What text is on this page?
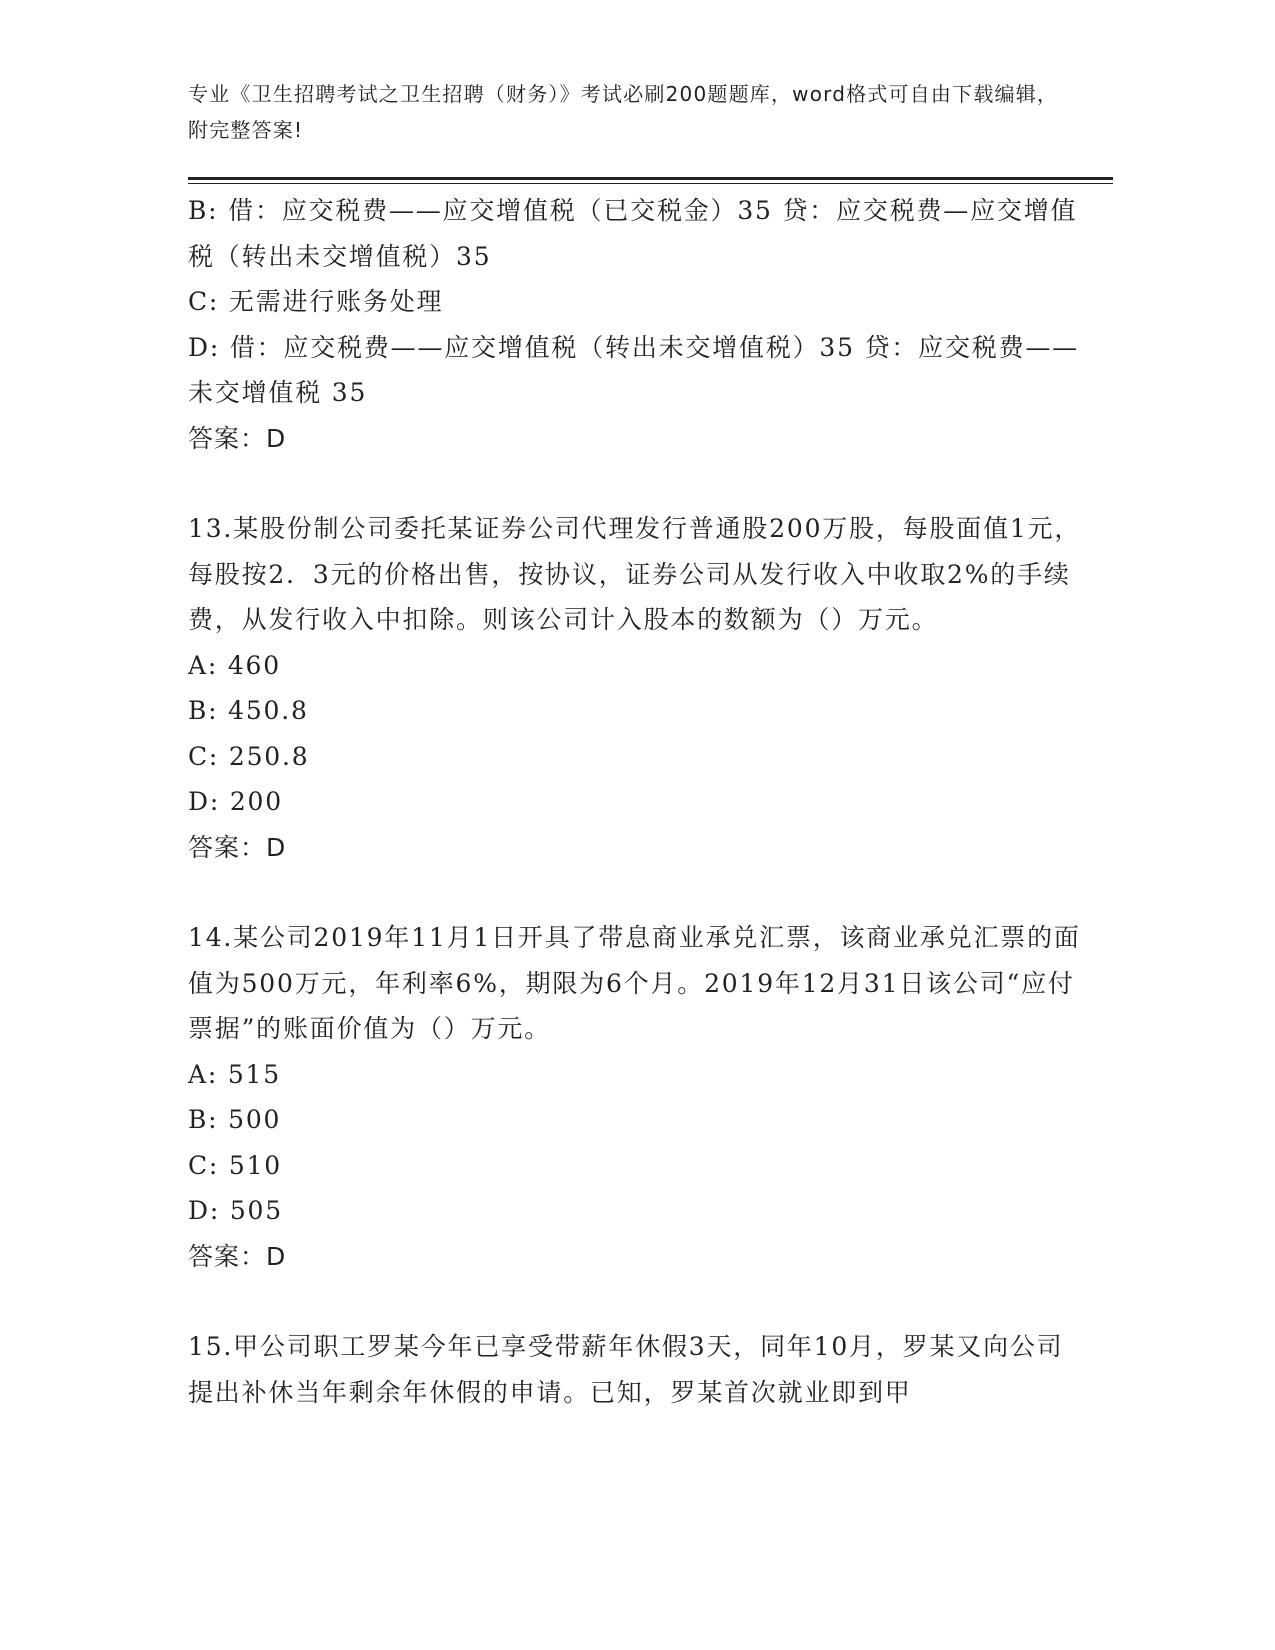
专业《卫生招聘考试之卫生招聘（财务）》考试必刷200题题库，word格式可自由下载编辑，附完整答案!
B: 借：应交税费——应交增值税（已交税金）35 贷：应交税费—应交增值税（转出未交增值税）35
C: 无需进行账务处理
D: 借：应交税费——应交增值税（转出未交增值税）35 贷：应交税费——未交增值税 35
答案：D
13.某股份制公司委托某证券公司代理发行普通股200万股，每股面值1元，每股按2．3元的价格出售，按协议，证券公司从发行收入中收取2%的手续费，从发行收入中扣除。则该公司计入股本的数额为（）万元。
A: 460
B: 450.8
C: 250.8
D: 200
答案：D
14.某公司2019年11月1日开具了带息商业承兑汇票，该商业承兑汇票的面值为500万元，年利率6%，期限为6个月。2019年12月31日该公司“应付票据”的账面价值为（）万元。
A: 515
B: 500
C: 510
D: 505
答案：D
15.甲公司职工罗某今年已享受带薪年休假3天，同年10月，罗某又向公司提出补休当年剩余年休假的申请。已知，罗某首次就业即到甲
